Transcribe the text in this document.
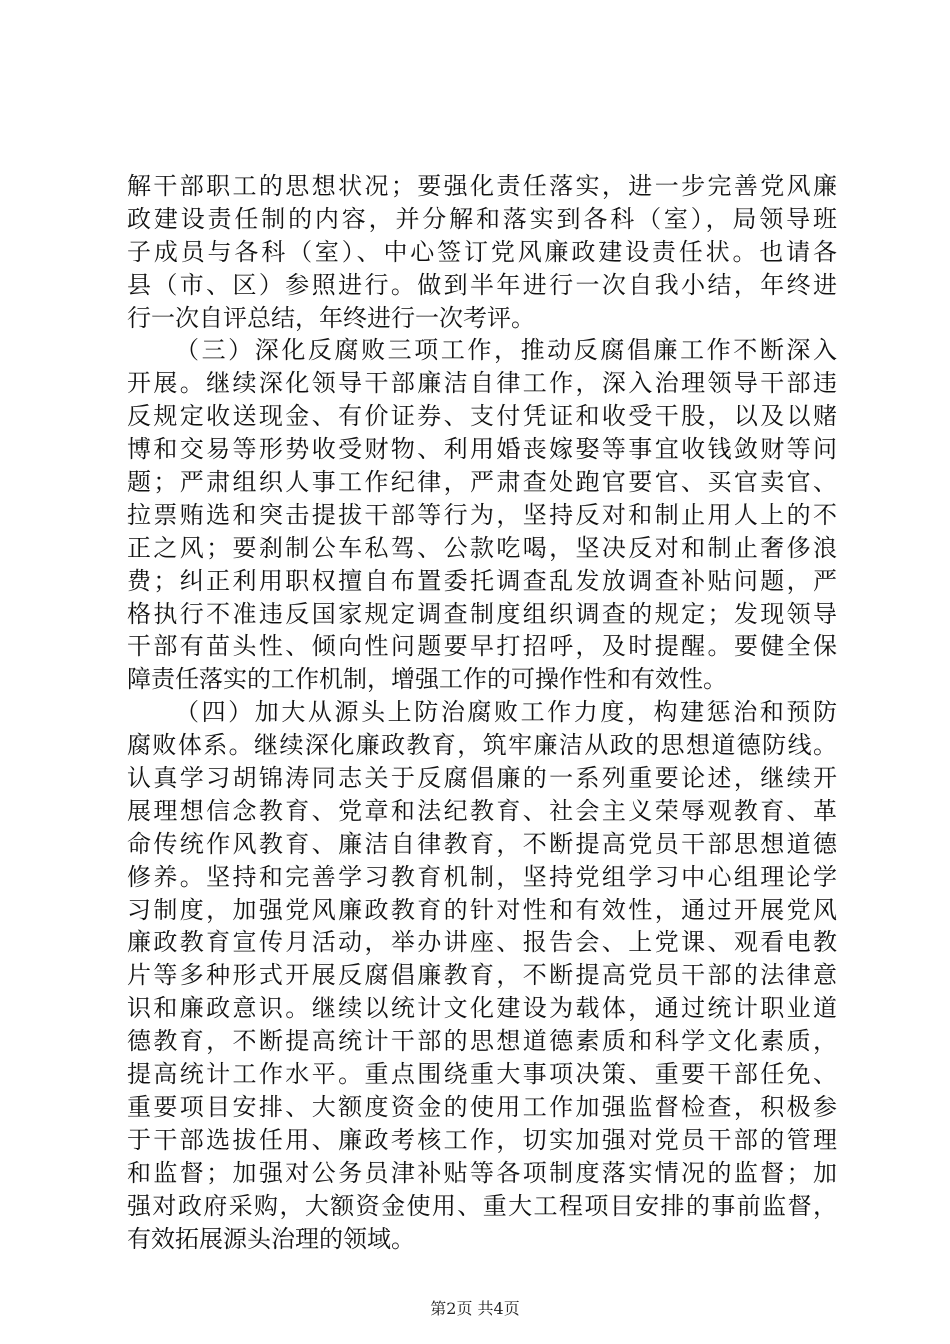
解干部职工的思想状况；要强化责任落实，进一步完善党风廉
政建设责任制的内容，并分解和落实到各科（室），局领导班
子成员与各科（室）、中心签订党风廉政建设责任状。也请各
县（市、区）参照进行。做到半年进行一次自我小结，年终进
行一次自评总结，年终进行一次考评。
（三）深化反腐败三项工作，推动反腐倡廉工作不断深入
开展。继续深化领导干部廉洁自律工作，深入治理领导干部违
反规定收送现金、有价证券、支付凭证和收受干股，以及以赌
博和交易等形势收受财物、利用婚丧嫁娶等事宜收钱敛财等问
题；严肃组织人事工作纪律，严肃查处跑官要官、买官卖官、
拉票贿选和突击提拔干部等行为，坚持反对和制止用人上的不
正之风；要刹制公车私驾、公款吃喝，坚决反对和制止奢侈浪
费；纠正利用职权擅自布置委托调查乱发放调查补贴问题，严
格执行不准违反国家规定调查制度组织调查的规定；发现领导
干部有苗头性、倾向性问题要早打招呼，及时提醒。要健全保
障责任落实的工作机制，增强工作的可操作性和有效性。
（四）加大从源头上防治腐败工作力度，构建惩治和预防
腐败体系。继续深化廉政教育，筑牢廉洁从政的思想道德防线。
认真学习胡锦涛同志关于反腐倡廉的一系列重要论述，继续开
展理想信念教育、党章和法纪教育、社会主义荣辱观教育、革
命传统作风教育、廉洁自律教育，不断提高党员干部思想道德
修养。坚持和完善学习教育机制，坚持党组学习中心组理论学
习制度，加强党风廉政教育的针对性和有效性，通过开展党风
廉政教育宣传月活动，举办讲座、报告会、上党课、观看电教
片等多种形式开展反腐倡廉教育，不断提高党员干部的法律意
识和廉政意识。继续以统计文化建设为载体，通过统计职业道
德教育，不断提高统计干部的思想道德素质和科学文化素质，
提高统计工作水平。重点围绕重大事项决策、重要干部任免、
重要项目安排、大额度资金的使用工作加强监督检查，积极参
于干部选拔任用、廉政考核工作，切实加强对党员干部的管理
和监督；加强对公务员津补贴等各项制度落实情况的监督；加
强对政府采购，大额资金使用、重大工程项目安排的事前监督，
有效拓展源头治理的领域。
第2页 共4页
